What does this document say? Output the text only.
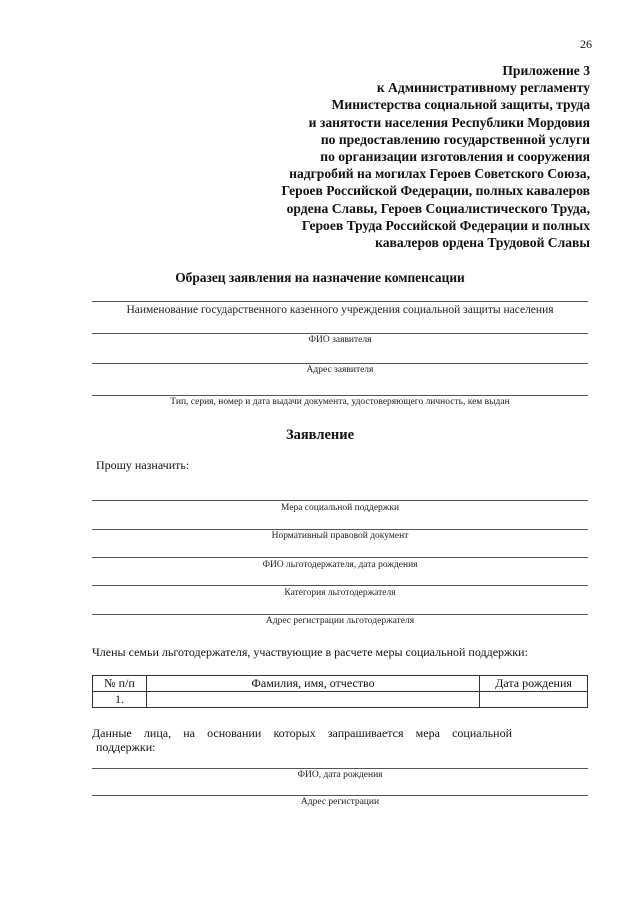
26
Приложение 3
к Административному регламенту
Министерства социальной защиты, труда
и занятости населения Республики Мордовия
по предоставлению государственной услуги
по организации изготовления и сооружения
надгробий на могилах Героев Советского Союза,
Героев Российской Федерации, полных кавалеров
ордена Славы, Героев Социалистического Труда,
Героев Труда Российской Федерации и полных
кавалеров ордена Трудовой Славы
Образец заявления на назначение компенсации
Наименование государственного казенного учреждения социальной защиты населения
ФИО заявителя
Адрес заявителя
Тип, серия, номер и дата выдачи документа, удостоверяющего личность, кем выдан
Заявление
Прошу назначить:
Мера социальной поддержки
Нормативный правовой документ
ФИО льготодержателя, дата рождения
Категория льготодержателя
Адрес регистрации льготодержателя
Члены семьи льготодержателя, участвующие в расчете меры социальной поддержки:
№ п/п	Фамилия, имя, отчество	Дата рождения
1.		
Данные лица, на основании которых запрашивается мера социальной
поддержки:
ФИО, дата рождения
Адрес регистрации
